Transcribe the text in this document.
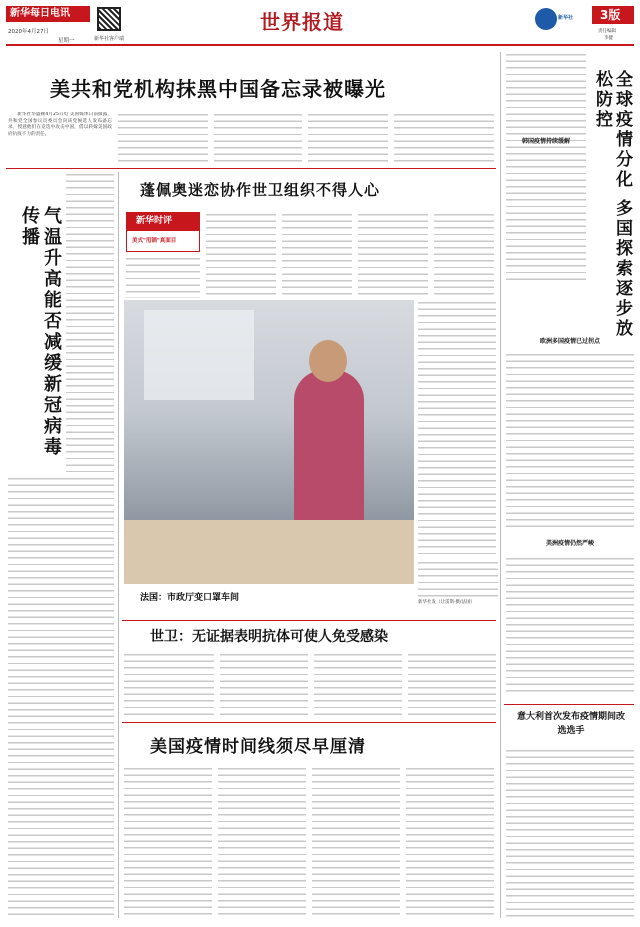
新华每日电讯
2020年4月27日
星期一	新华社客户端
世界报道	新华社 3版
责任编辑
李健
美共和党机构抹黑中国备忘录被曝光

新华社华盛顿4月25日电 美国媒体日前披露，共和党全国参议员委员会向该党候选人发布备忘录，授意他们在竞选中攻击中国，借以转嫁美国政府抗疫不力的责任。	全球疫情分化 多国探索逐步放松防控
韩国疫情持续缓解
欧洲多国疫情已过拐点
美洲疫情仍然严峻
意大利首次发布疫情期间改选选手
气温升高能否减缓新冠病毒传播
蓬佩奥迷恋协作世卫组织不得人心
新华时评
美式"甩锅"真面目
法国：市政厅变口罩车间	新华社发（让雷斯·摄/法国）
世卫：无证据表明抗体可使人免受感染
美国疫情时间线须尽早厘清
